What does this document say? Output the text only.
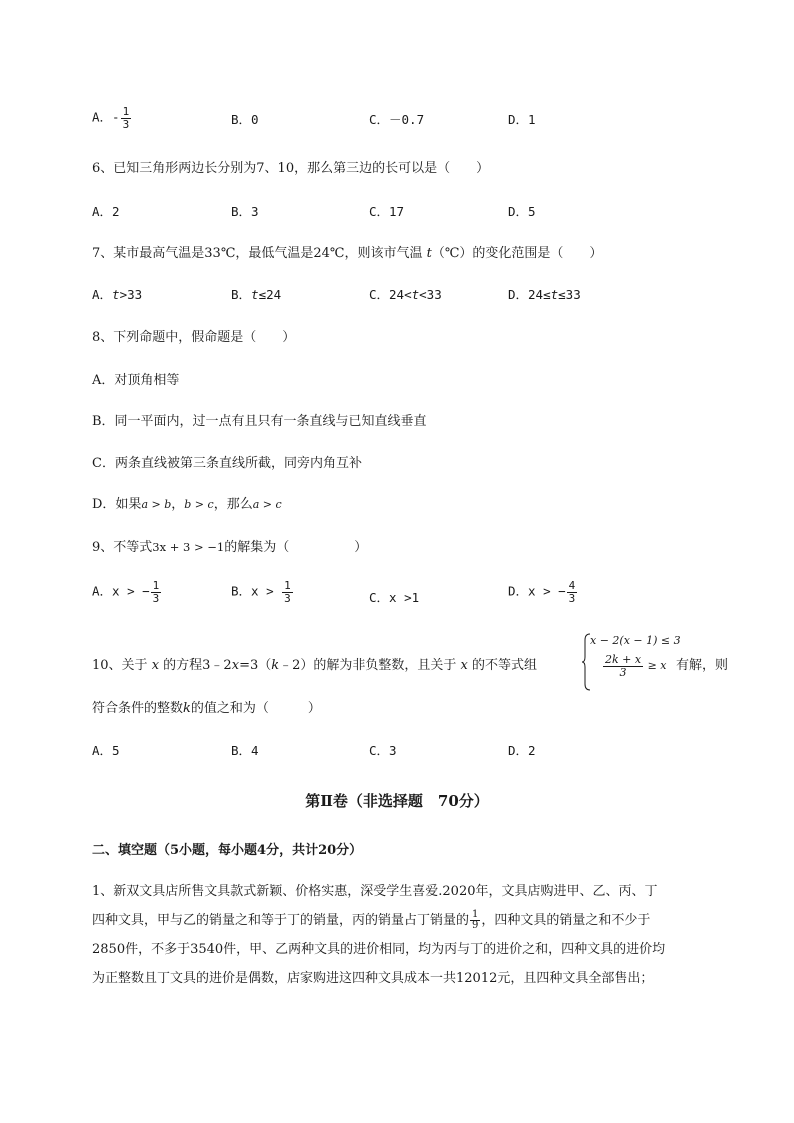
A．- $\frac{1}{3}$	B．0	C．－0.7	D．1
6、已知三角形两边长分别为7、10，那么第三边的长可以是（　　）
A．2	B．3	C．17	D．5
7、某市最高气温是33℃，最低气温是24℃，则该市气温 t（℃）的变化范围是（　　）
A．t>33	B．t≤24	C．24<t<33	D．24≤t≤33
8、下列命题中，假命题是（　　）
A．对顶角相等
B．同一平面内，过一点有且只有一条直线与已知直线垂直
C．两条直线被第三条直线所截，同旁内角互补
D．如果a > b，b > c，那么a > c
9、不等式3x + 3 > −1的解集为（　　　　　）
A．x > − $\frac{1}{3}$	B．$x > \frac{1}{3}$	C．x >1	D．x > − $\frac{4}{3}$
10、关于 x 的方程3﹣2x=3（k﹣2）的解为非负整数，且关于 x 的不等式组
x − 2(x − 1) ≤ 3
$\frac{2k + x}{3} \ge x$ 有解，则
符合条件的整数k的值之和为（　　　）
A．5	B．4	C．3	D．2
第Ⅱ卷（非选择题　70分）
二、填空题（5小题，每小题4分，共计20分）
1、新双文具店所售文具款式新颖、价格实惠，深受学生喜爱.2020年，文具店购进甲、乙、丙、丁
四种文具，甲与乙的销量之和等于丁的销量，丙的销量占丁销量的 $\frac{1}{9}$ ，四种文具的销量之和不少于
2850件，不多于3540件，甲、乙两种文具的进价相同，均为丙与丁的进价之和，四种文具的进价均
为正整数且丁文具的进价是偶数，店家购进这四种文具成本一共12012元，且四种文具全部售出；
